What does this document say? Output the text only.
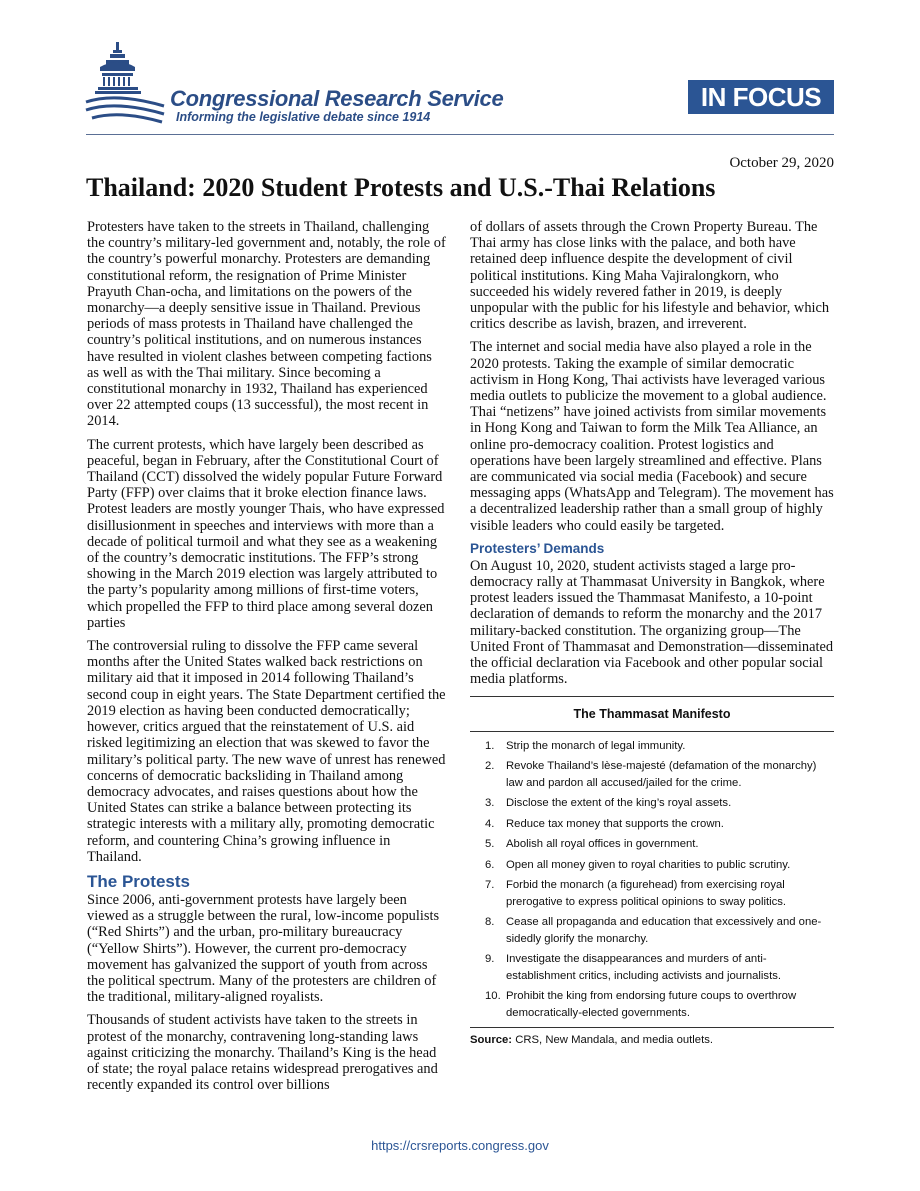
Congressional Research Service
Informing the legislative debate since 1914
IN FOCUS
October 29, 2020
Thailand: 2020 Student Protests and U.S.-Thai Relations

Protesters have taken to the streets in Thailand, challenging the country’s military-led government and, notably, the role of the country’s powerful monarchy. Protesters are demanding constitutional reform, the resignation of Prime Minister Prayuth Chan-ocha, and limitations on the powers of the monarchy—a deeply sensitive issue in Thailand. Previous periods of mass protests in Thailand have challenged the country’s political institutions, and on numerous instances have resulted in violent clashes between competing factions as well as with the Thai military. Since becoming a constitutional monarchy in 1932, Thailand has experienced over 22 attempted coups (13 successful), the most recent in 2014.

The current protests, which have largely been described as peaceful, began in February, after the Constitutional Court of Thailand (CCT) dissolved the widely popular Future Forward Party (FFP) over claims that it broke election finance laws. Protest leaders are mostly younger Thais, who have expressed disillusionment in speeches and interviews with more than a decade of political turmoil and what they see as a weakening of the country’s democratic institutions. The FFP’s strong showing in the March 2019 election was largely attributed to the party’s popularity among millions of first-time voters, which propelled the FFP to third place among several dozen parties

The controversial ruling to dissolve the FFP came several months after the United States walked back restrictions on military aid that it imposed in 2014 following Thailand’s second coup in eight years. The State Department certified the 2019 election as having been conducted democratically; however, critics argued that the reinstatement of U.S. aid risked legitimizing an election that was skewed to favor the military’s political party. The new wave of unrest has renewed concerns of democratic backsliding in Thailand among democracy advocates, and raises questions about how the United States can strike a balance between protecting its strategic interests with a military ally, promoting democratic reform, and countering China’s growing influence in Thailand.

The Protests

Since 2006, anti-government protests have largely been viewed as a struggle between the rural, low-income populists (“Red Shirts”) and the urban, pro-military bureaucracy (“Yellow Shirts”). However, the current pro-democracy movement has galvanized the support of youth from across the political spectrum. Many of the protesters are children of the traditional, military-aligned royalists.

Thousands of student activists have taken to the streets in protest of the monarchy, contravening long-standing laws against criticizing the monarchy. Thailand’s King is the head of state; the royal palace retains widespread prerogatives and recently expanded its control over billions

of dollars of assets through the Crown Property Bureau. The Thai army has close links with the palace, and both have retained deep influence despite the development of civil political institutions. King Maha Vajiralongkorn, who succeeded his widely revered father in 2019, is deeply unpopular with the public for his lifestyle and behavior, which critics describe as lavish, brazen, and irreverent.

The internet and social media have also played a role in the 2020 protests. Taking the example of similar democratic activism in Hong Kong, Thai activists have leveraged various media outlets to publicize the movement to a global audience. Thai “netizens” have joined activists from similar movements in Hong Kong and Taiwan to form the Milk Tea Alliance, an online pro-democracy coalition. Protest logistics and operations have been largely streamlined and effective. Plans are communicated via social media (Facebook) and secure messaging apps (WhatsApp and Telegram). The movement has a decentralized leadership rather than a small group of highly visible leaders who could easily be targeted.

Protesters’ Demands

On August 10, 2020, student activists staged a large pro-democracy rally at Thammasat University in Bangkok, where protest leaders issued the Thammasat Manifesto, a 10-point declaration of demands to reform the monarchy and the 2017 military-backed constitution. The organizing group—The United Front of Thammasat and Demonstration—disseminated the official declaration via Facebook and other popular social media platforms.

The Thammasat Manifesto
1.	Strip the monarch of legal immunity.
2.	Revoke Thailand’s lèse-majesté (defamation of the monarchy) law and pardon all accused/jailed for the crime.
3.	Disclose the extent of the king’s royal assets.
4.	Reduce tax money that supports the crown.
5.	Abolish all royal offices in government.
6.	Open all money given to royal charities to public scrutiny.
7.	Forbid the monarch (a figurehead) from exercising royal prerogative to express political opinions to sway politics.
8.	Cease all propaganda and education that excessively and one-sidedly glorify the monarchy.
9.	Investigate the disappearances and murders of anti-establishment critics, including activists and journalists.
10. Prohibit the king from endorsing future coups to overthrow democratically-elected governments.
Source: CRS, New Mandala, and media outlets.
https://crsreports.congress.gov
